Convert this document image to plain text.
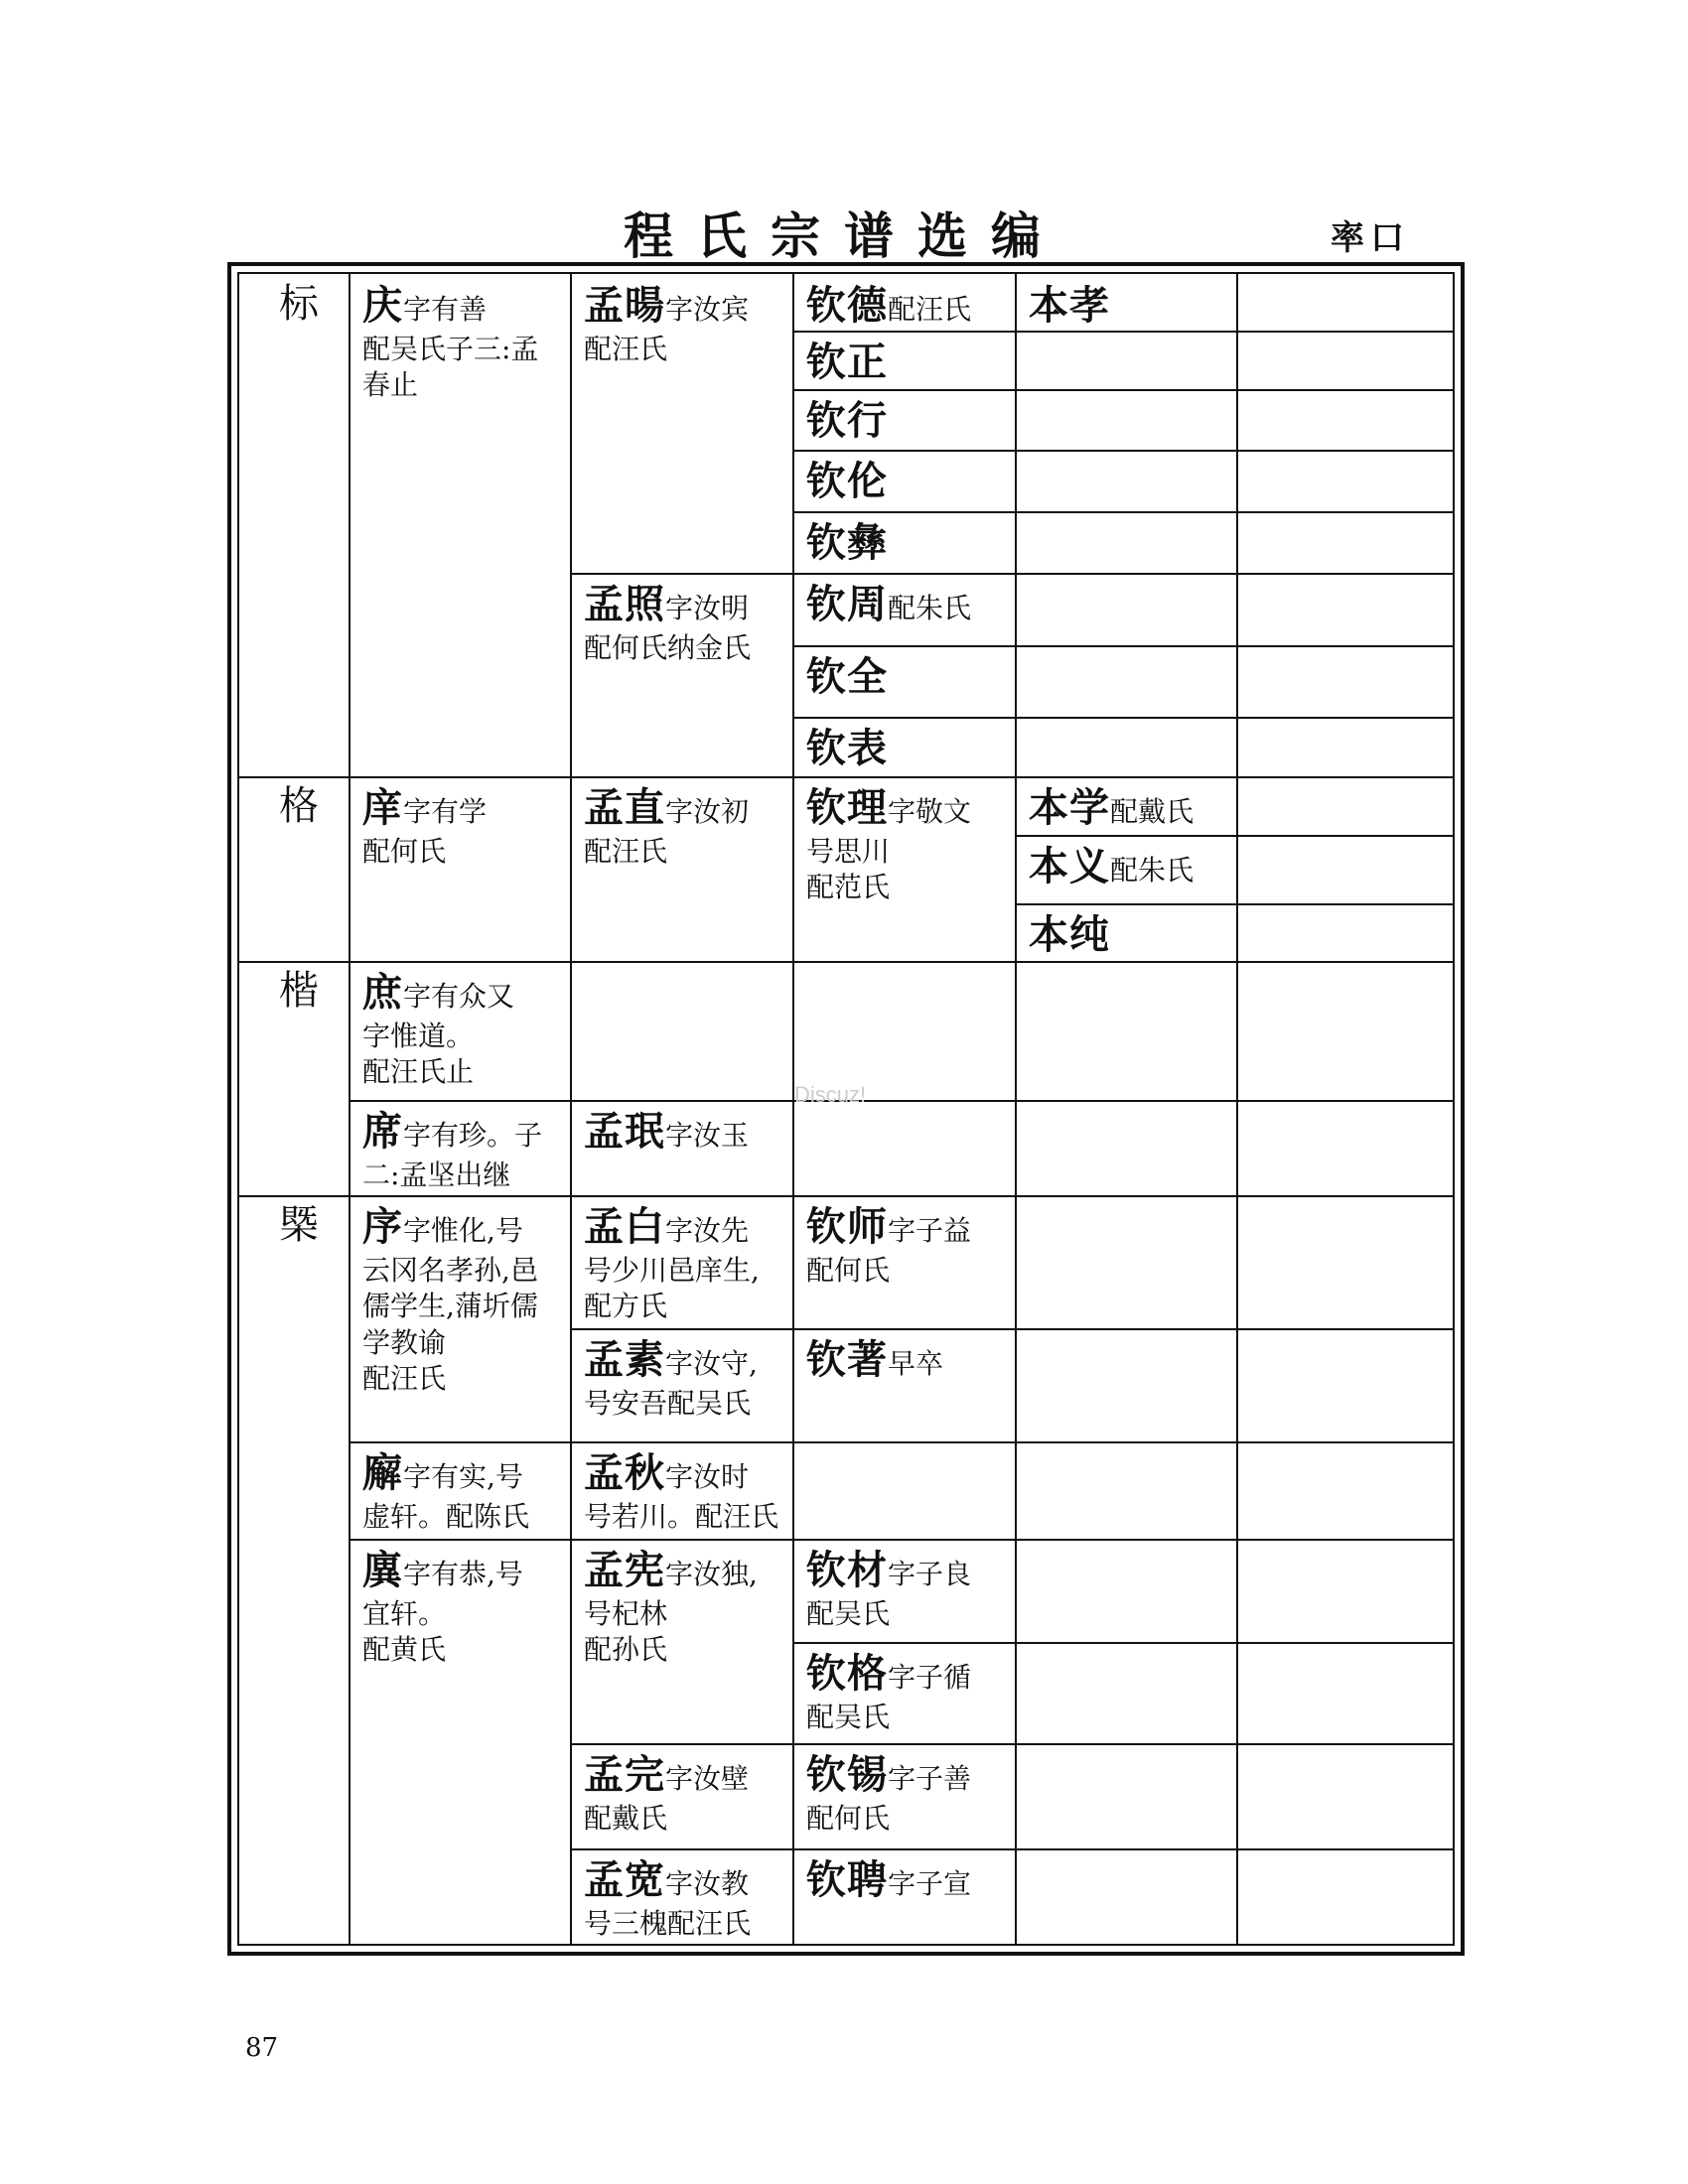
程氏宗谱选编	率口
标
格
楷
槩
庆字有善
配吴氏子三:孟春止
庠字有学
配何氏
庶字有众又
字惟道。
配汪氏止
席字有珍。子
二:孟坚出继
序字惟化,号
云冈名孝孙,邑儒学生,蒲圻儒学教谕
配汪氏
廨字有实,号
虚轩。配陈氏
廙字有恭,号
宜轩。
配黄氏
孟暘字汝宾
配汪氏
孟照字汝明
配何氏纳金氏
孟直字汝初
配汪氏
孟珉字汝玉
孟白字汝先
号少川邑庠生,配方氏
孟素字汝守,
号安吾配吴氏
孟秋字汝时
号若川。配汪氏
孟宪字汝独,
号杞林
配孙氏
孟完字汝壁
配戴氏
孟宽字汝教
号三槐配汪氏
钦德配汪氏
钦正
钦行
钦伦
钦彝
钦周配朱氏
钦全
钦表
钦理字敬文
号思川
配范氏
钦师字子益
配何氏
钦著早卒
钦材字子良
配吴氏
钦格字子循
配吴氏
钦锡字子善
配何氏
钦聘字子宣
本孝
本学配戴氏
本义配朱氏
本纯
Discuz!
87
